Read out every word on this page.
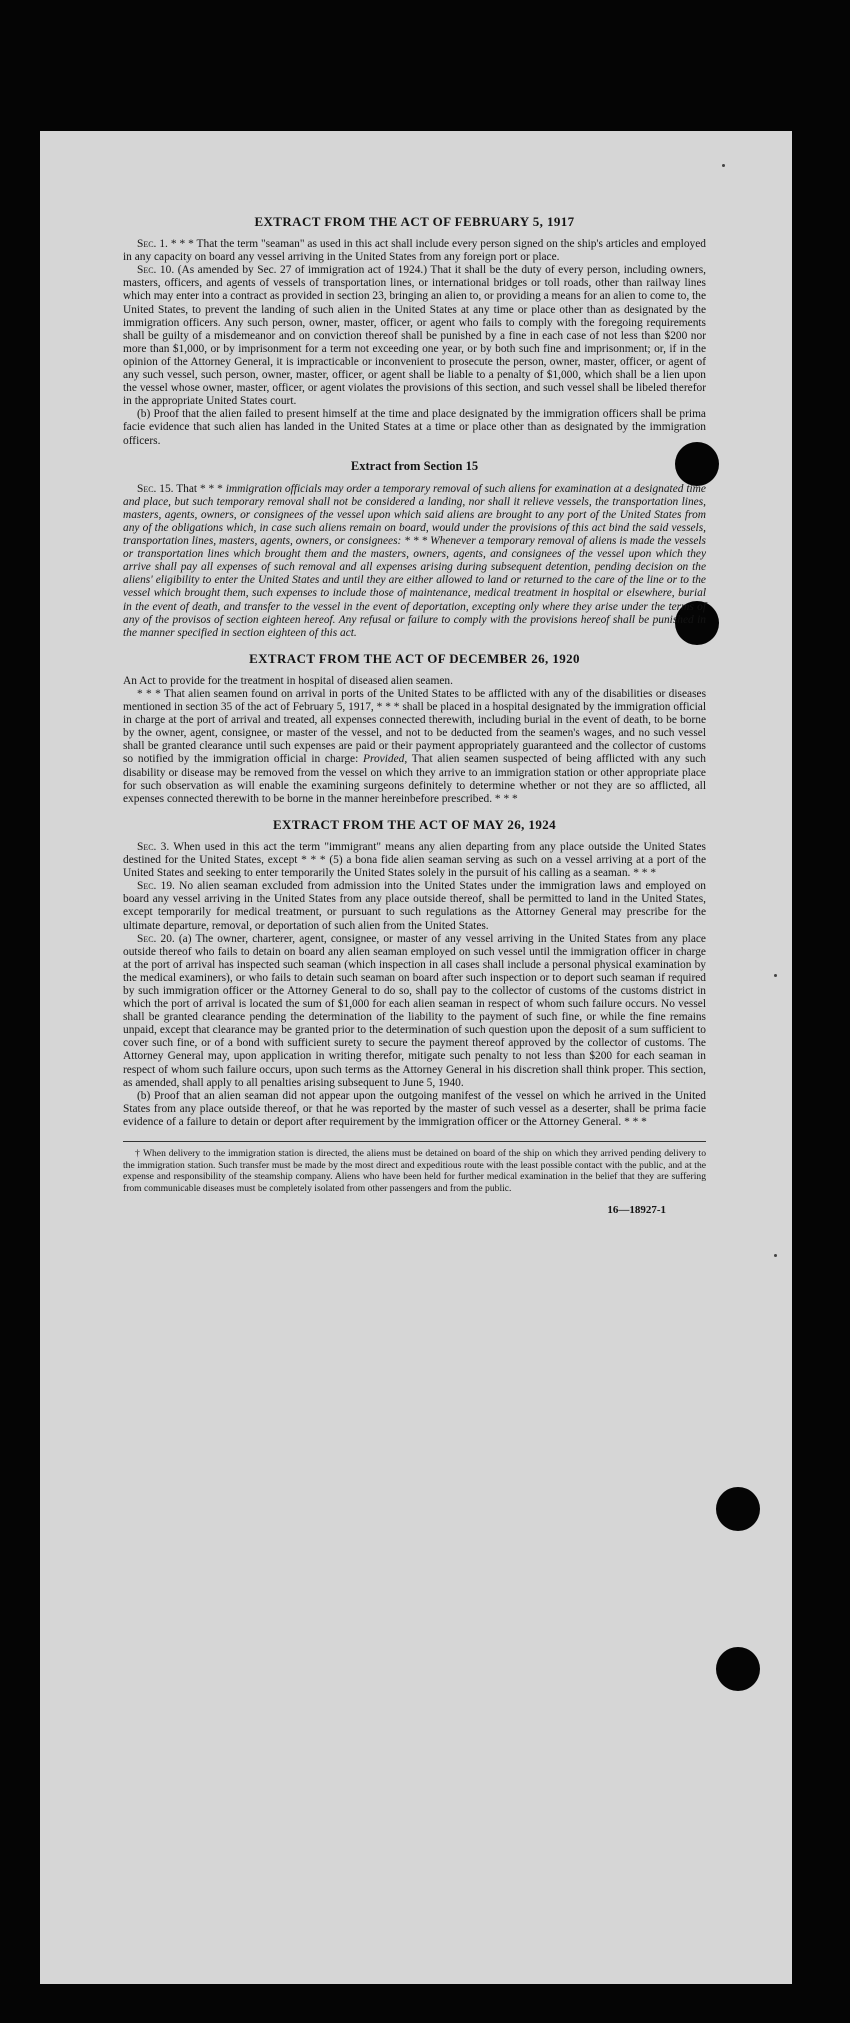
EXTRACT FROM THE ACT OF FEBRUARY 5, 1917

Sec. 1. * * * That the term "seaman" as used in this act shall include every person signed on the ship's articles and employed in any capacity on board any vessel arriving in the United States from any foreign port or place.

Sec. 10. (As amended by Sec. 27 of immigration act of 1924.) That it shall be the duty of every person, including owners, masters, officers, and agents of vessels of transportation lines, or international bridges or toll roads, other than railway lines which may enter into a contract as provided in section 23, bringing an alien to, or providing a means for an alien to come to, the United States, to prevent the landing of such alien in the United States at any time or place other than as designated by the immigration officers. Any such person, owner, master, officer, or agent who fails to comply with the foregoing requirements shall be guilty of a misdemeanor and on conviction thereof shall be punished by a fine in each case of not less than $200 nor more than $1,000, or by imprisonment for a term not exceeding one year, or by both such fine and imprisonment; or, if in the opinion of the Attorney General, it is impracticable or inconvenient to prosecute the person, owner, master, officer, or agent of any such vessel, such person, owner, master, officer, or agent shall be liable to a penalty of $1,000, which shall be a lien upon the vessel whose owner, master, officer, or agent violates the provisions of this section, and such vessel shall be libeled therefor in the appropriate United States court.

(b) Proof that the alien failed to present himself at the time and place designated by the immigration officers shall be prima facie evidence that such alien has landed in the United States at a time or place other than as designated by the immigration officers.

Extract from Section 15

Sec. 15. That * * * immigration officials may order a temporary removal of such aliens for examination at a designated time and place, but such temporary removal shall not be considered a landing, nor shall it relieve vessels, the transportation lines, masters, agents, owners, or consignees of the vessel upon which said aliens are brought to any port of the United States from any of the obligations which, in case such aliens remain on board, would under the provisions of this act bind the said vessels, transportation lines, masters, agents, owners, or consignees: * * * Whenever a temporary removal of aliens is made the vessels or transportation lines which brought them and the masters, owners, agents, and consignees of the vessel upon which they arrive shall pay all expenses of such removal and all expenses arising during subsequent detention, pending decision on the aliens' eligibility to enter the United States and until they are either allowed to land or returned to the care of the line or to the vessel which brought them, such expenses to include those of maintenance, medical treatment in hospital or elsewhere, burial in the event of death, and transfer to the vessel in the event of deportation, excepting only where they arise under the terms of any of the provisos of section eighteen hereof. Any refusal or failure to comply with the provisions hereof shall be punished in the manner specified in section eighteen of this act.

EXTRACT FROM THE ACT OF DECEMBER 26, 1920

An Act to provide for the treatment in hospital of diseased alien seamen.

* * * That alien seamen found on arrival in ports of the United States to be afflicted with any of the disabilities or diseases mentioned in section 35 of the act of February 5, 1917, * * * shall be placed in a hospital designated by the immigration official in charge at the port of arrival and treated, all expenses connected therewith, including burial in the event of death, to be borne by the owner, agent, consignee, or master of the vessel, and not to be deducted from the seamen's wages, and no such vessel shall be granted clearance until such expenses are paid or their payment appropriately guaranteed and the collector of customs so notified by the immigration official in charge: Provided, That alien seamen suspected of being afflicted with any such disability or disease may be removed from the vessel on which they arrive to an immigration station or other appropriate place for such observation as will enable the examining surgeons definitely to determine whether or not they are so afflicted, all expenses connected therewith to be borne in the manner hereinbefore prescribed. * * *

EXTRACT FROM THE ACT OF MAY 26, 1924

Sec. 3. When used in this act the term "immigrant" means any alien departing from any place outside the United States destined for the United States, except * * * (5) a bona fide alien seaman serving as such on a vessel arriving at a port of the United States and seeking to enter temporarily the United States solely in the pursuit of his calling as a seaman. * * *

Sec. 19. No alien seaman excluded from admission into the United States under the immigration laws and employed on board any vessel arriving in the United States from any place outside thereof, shall be permitted to land in the United States, except temporarily for medical treatment, or pursuant to such regulations as the Attorney General may prescribe for the ultimate departure, removal, or deportation of such alien from the United States.

Sec. 20. (a) The owner, charterer, agent, consignee, or master of any vessel arriving in the United States from any place outside thereof who fails to detain on board any alien seaman employed on such vessel until the immigration officer in charge at the port of arrival has inspected such seaman (which inspection in all cases shall include a personal physical examination by the medical examiners), or who fails to detain such seaman on board after such inspection or to deport such seaman if required by such immigration officer or the Attorney General to do so, shall pay to the collector of customs of the customs district in which the port of arrival is located the sum of $1,000 for each alien seaman in respect of whom such failure occurs. No vessel shall be granted clearance pending the determination of the liability to the payment of such fine, or while the fine remains unpaid, except that clearance may be granted prior to the determination of such question upon the deposit of a sum sufficient to cover such fine, or of a bond with sufficient surety to secure the payment thereof approved by the collector of customs. The Attorney General may, upon application in writing therefor, mitigate such penalty to not less than $200 for each seaman in respect of whom such failure occurs, upon such terms as the Attorney General in his discretion shall think proper. This section, as amended, shall apply to all penalties arising subsequent to June 5, 1940.

(b) Proof that an alien seaman did not appear upon the outgoing manifest of the vessel on which he arrived in the United States from any place outside thereof, or that he was reported by the master of such vessel as a deserter, shall be prima facie evidence of a failure to detain or deport after requirement by the immigration officer or the Attorney General. * * *

† When delivery to the immigration station is directed, the aliens must be detained on board of the ship on which they arrived pending delivery to the immigration station. Such transfer must be made by the most direct and expeditious route with the least possible contact with the public, and at the expense and responsibility of the steamship company. Aliens who have been held for further medical examination in the belief that they are suffering from communicable diseases must be completely isolated from other passengers and from the public.

16—18927-1
